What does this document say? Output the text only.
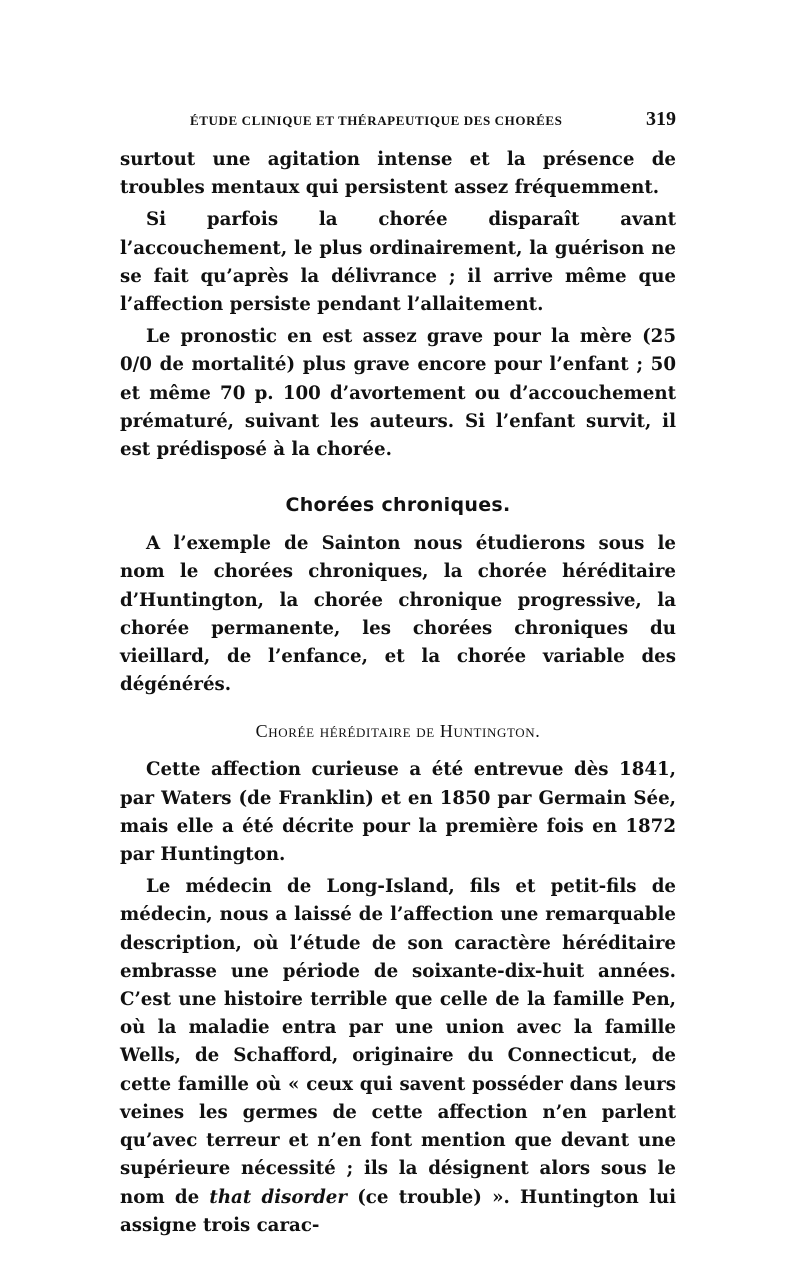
ÉTUDE CLINIQUE ET THÉRAPEUTIQUE DES CHORÉES	319

surtout une agitation intense et la présence de troubles mentaux qui persistent assez fréquemment.

Si parfois la chorée disparaît avant l’accouchement, le plus ordinairement, la guérison ne se fait qu’après la délivrance ; il arrive même que l’affection persiste pendant l’allaitement.

Le pronostic en est assez grave pour la mère (25 0/0 de mortalité) plus grave encore pour l’enfant ; 50 et même 70 p. 100 d’avortement ou d’accouchement prématuré, suivant les auteurs. Si l’enfant survit, il est prédisposé à la chorée.

Chorées chroniques.

A l’exemple de Sainton nous étudierons sous le nom le chorées chroniques, la chorée héréditaire d’Huntington, la chorée chronique progressive, la chorée permanente, les chorées chroniques du vieillard, de l’enfance, et la chorée variable des dégénérés.

Chorée héréditaire de Huntington.

Cette affection curieuse a été entrevue dès 1841, par Waters (de Franklin) et en 1850 par Germain Sée, mais elle a été décrite pour la première fois en 1872 par Huntington.

Le médecin de Long-Island, fils et petit-fils de médecin, nous a laissé de l’affection une remarquable description, où l’étude de son caractère héréditaire embrasse une période de soixante-dix-huit années. C’est une histoire terrible que celle de la famille Pen, où la maladie entra par une union avec la famille Wells, de Schafford, originaire du Connecticut, de cette famille où « ceux qui savent posséder dans leurs veines les germes de cette affection n’en parlent qu’avec terreur et n’en font mention que devant une supérieure nécessité ; ils la désignent alors sous le nom de that disorder (ce trouble) ». Huntington lui assigne trois carac-
